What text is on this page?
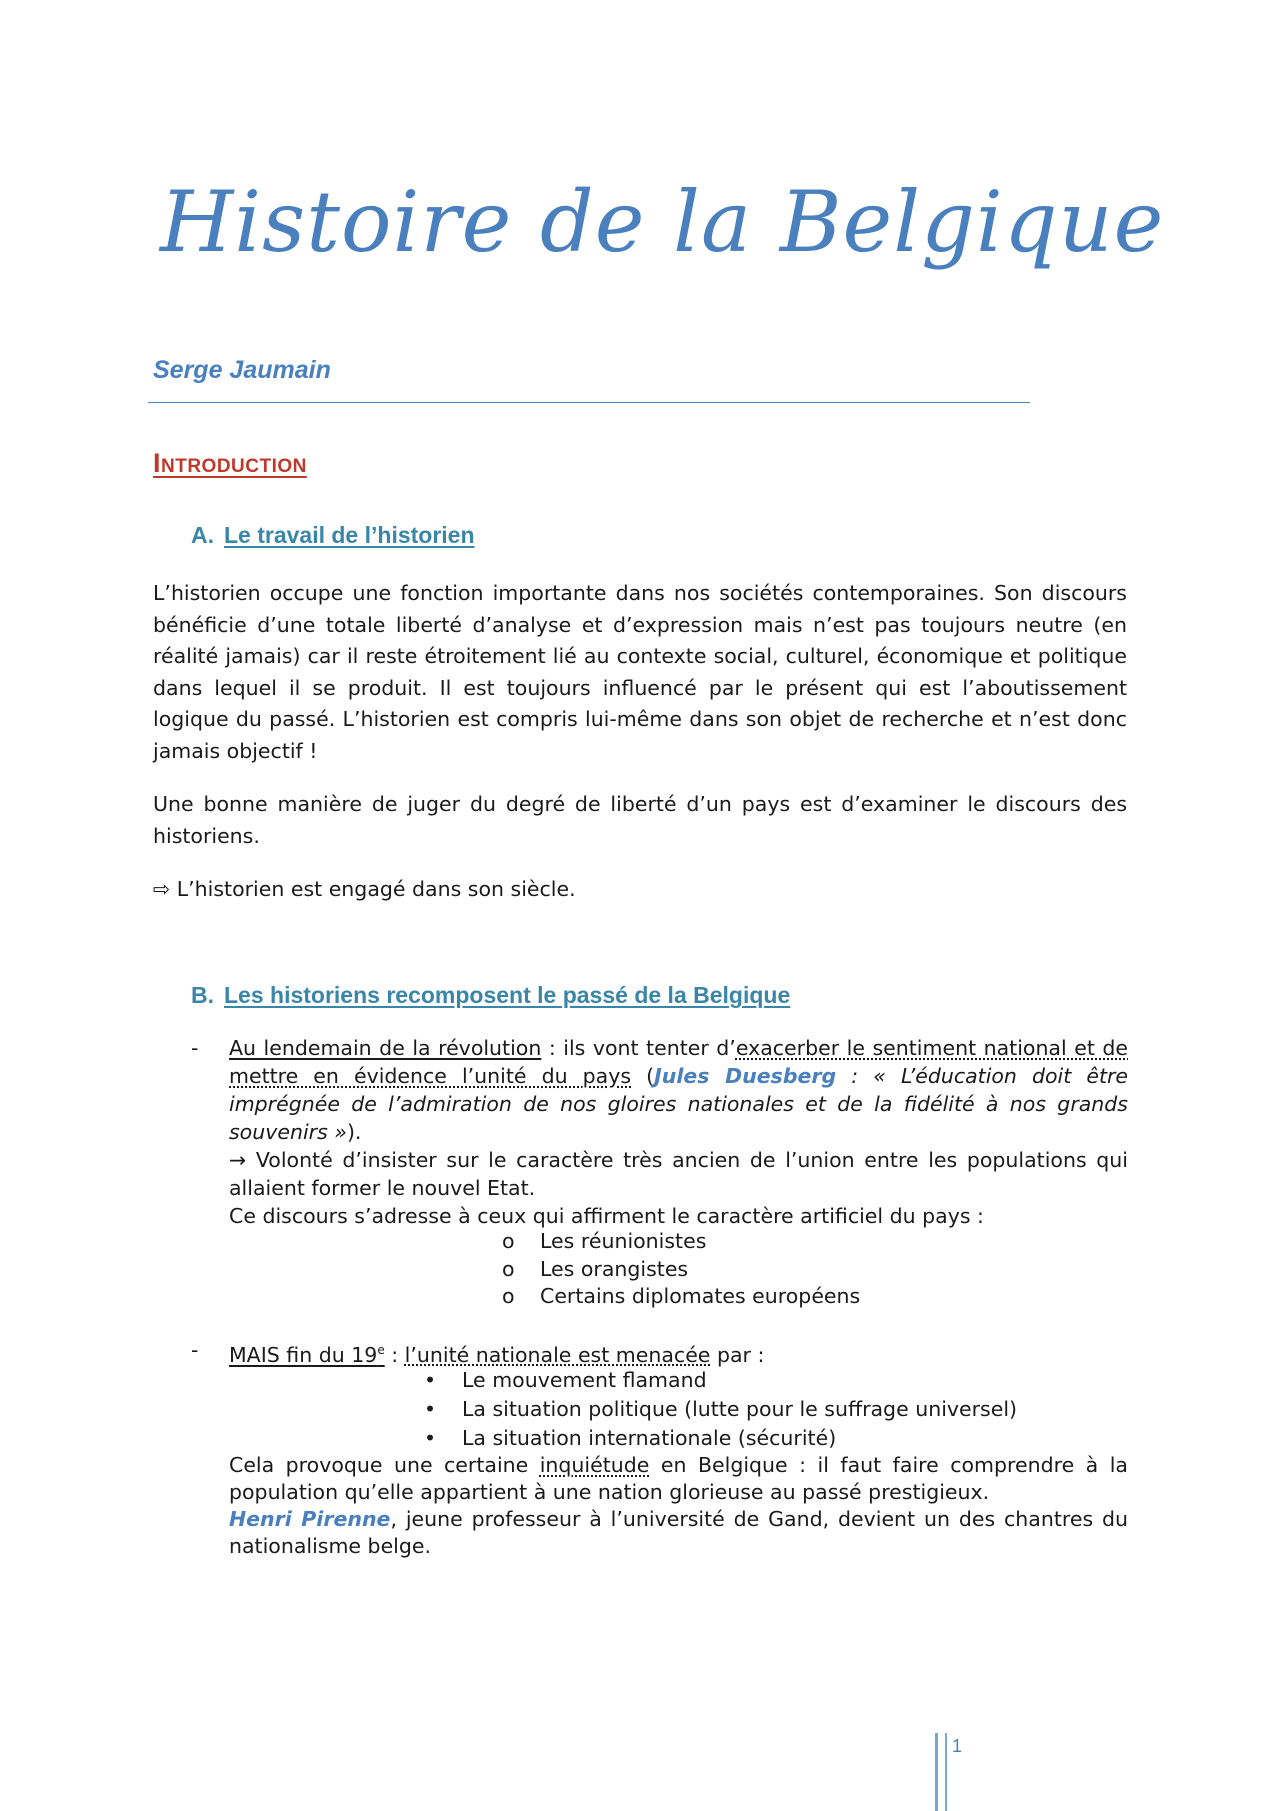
Histoire de la Belgique
Serge Jaumain
Introduction
A. Le travail de l’historien

L’historien occupe une fonction importante dans nos sociétés contemporaines. Son discours bénéficie d’une totale liberté d’analyse et d’expression mais n’est pas toujours neutre (en réalité jamais) car il reste étroitement lié au contexte social, culturel, économique et politique dans lequel il se produit. Il est toujours influencé par le présent qui est l’aboutissement logique du passé. L’historien est compris lui-même dans son objet de recherche et n’est donc jamais objectif !

Une bonne manière de juger du degré de liberté d’un pays est d’examiner le discours des historiens.

⇨ L’historien est engagé dans son siècle.
B. Les historiens recomposent le passé de la Belgique
- Au lendemain de la révolution : ils vont tenter d’exacerber le sentiment national et de mettre en évidence l’unité du pays (Jules Duesberg : « L’éducation doit être imprégnée de l’admiration de nos gloires nationales et de la fidélité à nos grands souvenirs »).
→ Volonté d’insister sur le caractère très ancien de l’union entre les populations qui allaient former le nouvel Etat.
Ce discours s’adresse à ceux qui affirment le caractère artificiel du pays :
o Les réunionistes
o Les orangistes
o Certains diplomates européens
- MAIS fin du 19e : l’unité nationale est menacée par :
• Le mouvement flamand
• La situation politique (lutte pour le suffrage universel)
• La situation internationale (sécurité)
Cela provoque une certaine inquiétude en Belgique : il faut faire comprendre à la population qu’elle appartient à une nation glorieuse au passé prestigieux.
Henri Pirenne, jeune professeur à l’université de Gand, devient un des chantres du nationalisme belge.
1
